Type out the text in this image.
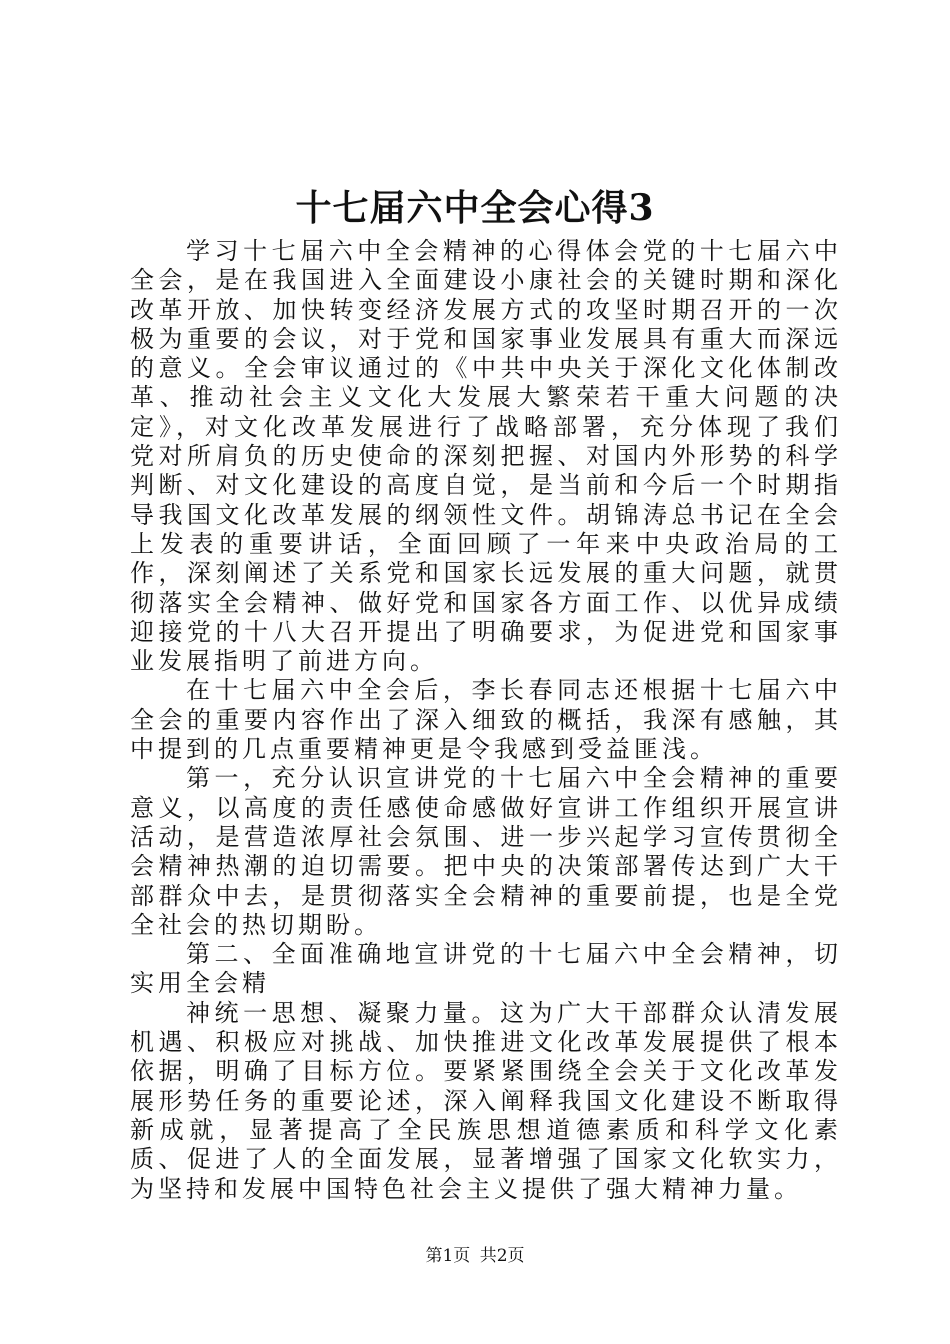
十七届六中全会心得3

学习十七届六中全会精神的心得体会党的十七届六中全会，是在我国进入全面建设小康社会的关键时期和深化改革开放、加快转变经济发展方式的攻坚时期召开的一次极为重要的会议，对于党和国家事业发展具有重大而深远的意义。全会审议通过的《中共中央关于深化文化体制改革、推动社会主义文化大发展大繁荣若干重大问题的决定》，对文化改革发展进行了战略部署，充分体现了我们党对所肩负的历史使命的深刻把握、对国内外形势的科学判断、对文化建设的高度自觉，是当前和今后一个时期指导我国文化改革发展的纲领性文件。胡锦涛总书记在全会上发表的重要讲话，全面回顾了一年来中央政治局的工作，深刻阐述了关系党和国家长远发展的重大问题，就贯彻落实全会精神、做好党和国家各方面工作、以优异成绩迎接党的十八大召开提出了明确要求，为促进党和国家事业发展指明了前进方向。

在十七届六中全会后，李长春同志还根据十七届六中全会的重要内容作出了深入细致的概括，我深有感触，其中提到的几点重要精神更是令我感到受益匪浅。

第一，充分认识宣讲党的十七届六中全会精神的重要意义，以高度的责任感使命感做好宣讲工作组织开展宣讲活动，是营造浓厚社会氛围、进一步兴起学习宣传贯彻全会精神热潮的迫切需要。把中央的决策部署传达到广大干部群众中去，是贯彻落实全会精神的重要前提，也是全党全社会的热切期盼。

第二、全面准确地宣讲党的十七届六中全会精神，切实用全会精

神统一思想、凝聚力量。这为广大干部群众认清发展机遇、积极应对挑战、加快推进文化改革发展提供了根本依据，明确了目标方位。要紧紧围绕全会关于文化改革发展形势任务的重要论述，深入阐释我国文化建设不断取得新成就，显著提高了全民族思想道德素质和科学文化素质、促进了人的全面发展，显著增强了国家文化软实力，为坚持和发展中国特色社会主义提供了强大精神力量。

第1页 共2页
